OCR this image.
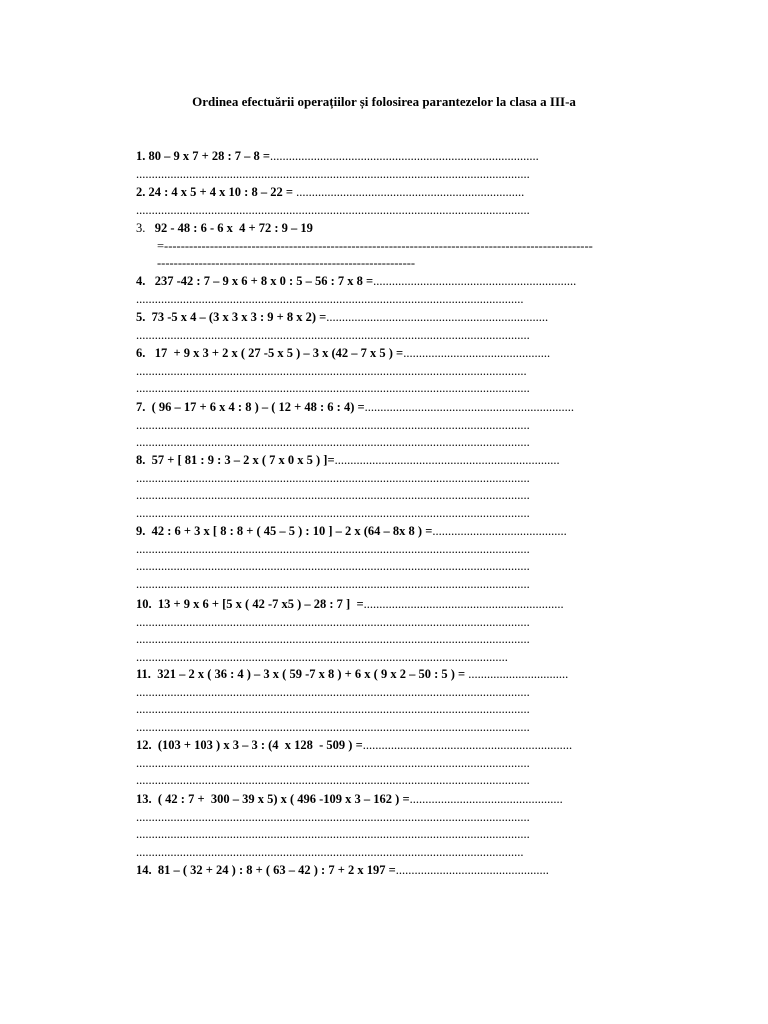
Ordinea efectuării operațiilor și folosirea parantezelor la clasa a III-a
1. 80 – 9 x 7 + 28 : 7 – 8 =......................................................................................
..............................................................................................................................
2. 24 : 4 x 5 + 4 x 10 : 8 – 22 = .........................................................................
..............................................................................................................................
3.   92 - 48 : 6 - 6 x  4 + 72 : 9 – 19
=-------------------------------------------------------------------------------------------------------
--------------------------------------------------------------
4.   237 -42 : 7 – 9 x 6 + 8 x 0 : 5 – 56 : 7 x 8 =.................................................................
............................................................................................................................
5.  73 -5 x 4 – (3 x 3 x 3 : 9 + 8 x 2) =.......................................................................
..............................................................................................................................
6.   17  + 9 x 3 + 2 x ( 27 -5 x 5 ) – 3 x (42 – 7 x 5 ) =...............................................
.............................................................................................................................
..............................................................................................................................
7.  ( 96 – 17 + 6 x 4 : 8 ) – ( 12 + 48 : 6 : 4) =...................................................................
..............................................................................................................................
..............................................................................................................................
8.  57 + [ 81 : 9 : 3 – 2 x ( 7 x 0 x 5 ) ]=........................................................................
..............................................................................................................................
..............................................................................................................................
..............................................................................................................................
9.  42 : 6 + 3 x [ 8 : 8 + ( 45 – 5 ) : 10 ] – 2 x (64 – 8x 8 ) =...........................................
..............................................................................................................................
..............................................................................................................................
..............................................................................................................................
10.  13 + 9 x 6 + [5 x ( 42 -7 x5 ) – 28 : 7 ]  =................................................................
..............................................................................................................................
..............................................................................................................................
.......................................................................................................................
11.  321 – 2 x ( 36 : 4 ) – 3 x ( 59 -7 x 8 ) + 6 x ( 9 x 2 – 50 : 5 ) = ................................
..............................................................................................................................
..............................................................................................................................
..............................................................................................................................
12.  (103 + 103 ) x 3 – 3 : (4  x 128  - 509 ) =...................................................................
..............................................................................................................................
..............................................................................................................................
13.  ( 42 : 7 +  300 – 39 x 5) x ( 496 -109 x 3 – 162 ) =.................................................
..............................................................................................................................
..............................................................................................................................
............................................................................................................................
14.  81 – ( 32 + 24 ) : 8 + ( 63 – 42 ) : 7 + 2 x 197 =.................................................
